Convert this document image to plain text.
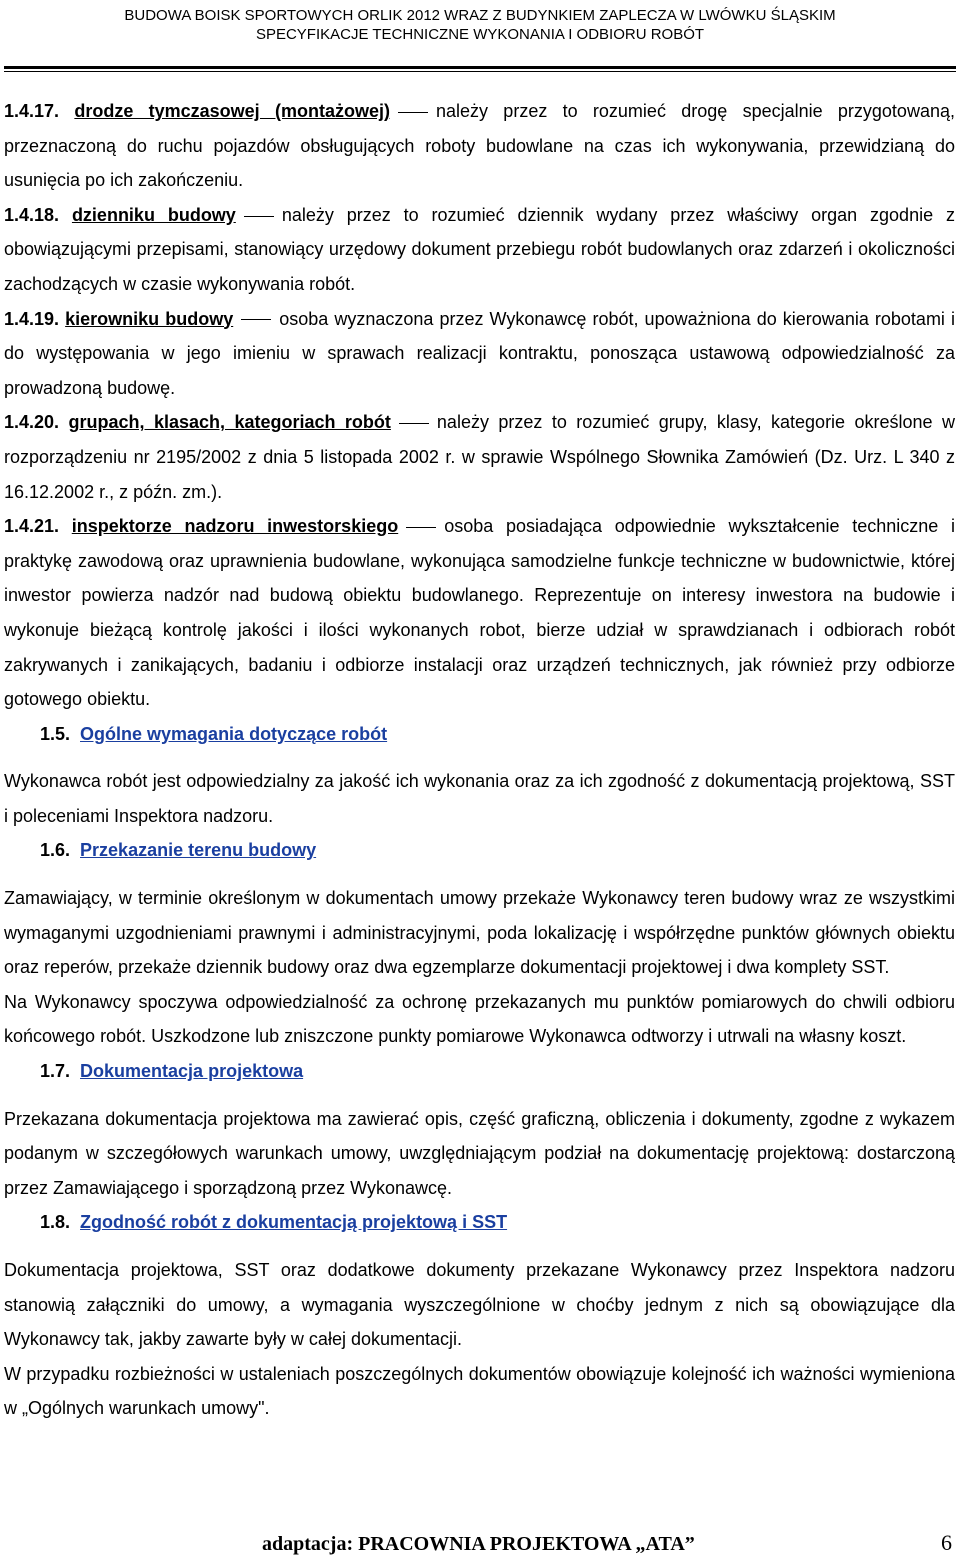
BUDOWA BOISK SPORTOWYCH ORLIK 2012 WRAZ Z BUDYNKIEM ZAPLECZA W LWÓWKU ŚLĄSKIM
SPECYFIKACJE TECHNICZNE WYKONANIA I ODBIORU ROBÓT

1.4.17. drodze tymczasowej (montażowej)	należy przez to rozumieć drogę specjalnie przygotowaną, przeznaczoną do ruchu pojazdów obsługujących roboty budowlane na czas ich wykonywania, przewidzianą do usunięcia po ich zakończeniu.

1.4.18. dzienniku budowy	należy przez to rozumieć dziennik wydany przez właściwy organ zgodnie z obowiązującymi przepisami, stanowiący urzędowy dokument przebiegu robót budowlanych oraz zdarzeń i okoliczności zachodzących w czasie wykonywania robót.

1.4.19. kierowniku budowy	osoba wyznaczona przez Wykonawcę robót, upoważniona do kierowania robotami i do występowania w jego imieniu w sprawach realizacji kontraktu, ponosząca ustawową odpowiedzialność za prowadzoną budowę.

1.4.20. grupach, klasach, kategoriach robót	należy przez to rozumieć grupy, klasy, kategorie określone w rozporządzeniu nr 2195/2002 z dnia 5 listopada 2002 r. w sprawie Wspólnego Słownika Zamówień (Dz. Urz. L 340 z 16.12.2002 r., z późn. zm.).

1.4.21. inspektorze nadzoru inwestorskiego	osoba posiadająca odpowiednie wykształcenie techniczne i praktykę zawodową oraz uprawnienia budowlane, wykonująca samodzielne funkcje techniczne w budownictwie, której inwestor powierza nadzór nad budową obiektu budowlanego. Reprezentuje on interesy inwestora na budowie i wykonuje bieżącą kontrolę jakości i ilości wykonanych robot, bierze udział w sprawdzianach i odbiorach robót zakrywanych i zanikających, badaniu i odbiorze instalacji oraz urządzeń technicznych, jak również przy odbiorze gotowego obiektu.

1.5. Ogólne wymagania dotyczące robót

Wykonawca robót jest odpowiedzialny za jakość ich wykonania oraz za ich zgodność z dokumentacją projektową, SST i poleceniami Inspektora nadzoru.

1.6. Przekazanie terenu budowy

Zamawiający, w terminie określonym w dokumentach umowy przekaże Wykonawcy teren budowy wraz ze wszystkimi wymaganymi uzgodnieniami prawnymi i administracyjnymi, poda lokalizację i współrzędne punktów głównych obiektu oraz reperów, przekaże dziennik budowy oraz dwa egzemplarze dokumentacji projektowej i dwa komplety SST.

Na Wykonawcy spoczywa odpowiedzialność za ochronę przekazanych mu punktów pomiarowych do chwili odbioru końcowego robót. Uszkodzone lub zniszczone punkty pomiarowe Wykonawca odtworzy i utrwali na własny koszt.

1.7. Dokumentacja projektowa

Przekazana dokumentacja projektowa ma zawierać opis, część graficzną, obliczenia i dokumenty, zgodne z wykazem podanym w szczegółowych warunkach umowy, uwzględniającym podział na dokumentację projektową: dostarczoną przez Zamawiającego i sporządzoną przez Wykonawcę.

1.8. Zgodność robót z dokumentacją projektową i SST

Dokumentacja projektowa, SST oraz dodatkowe dokumenty przekazane Wykonawcy przez Inspektora nadzoru stanowią załączniki do umowy, a wymagania wyszczególnione w choćby jednym z nich są obowiązujące dla Wykonawcy tak, jakby zawarte były w całej dokumentacji.

W przypadku rozbieżności w ustaleniach poszczególnych dokumentów obowiązuje kolejność ich ważności wymieniona w „Ogólnych warunkach umowy".

adaptacja: PRACOWNIA PROJEKTOWA „ATA”	6
